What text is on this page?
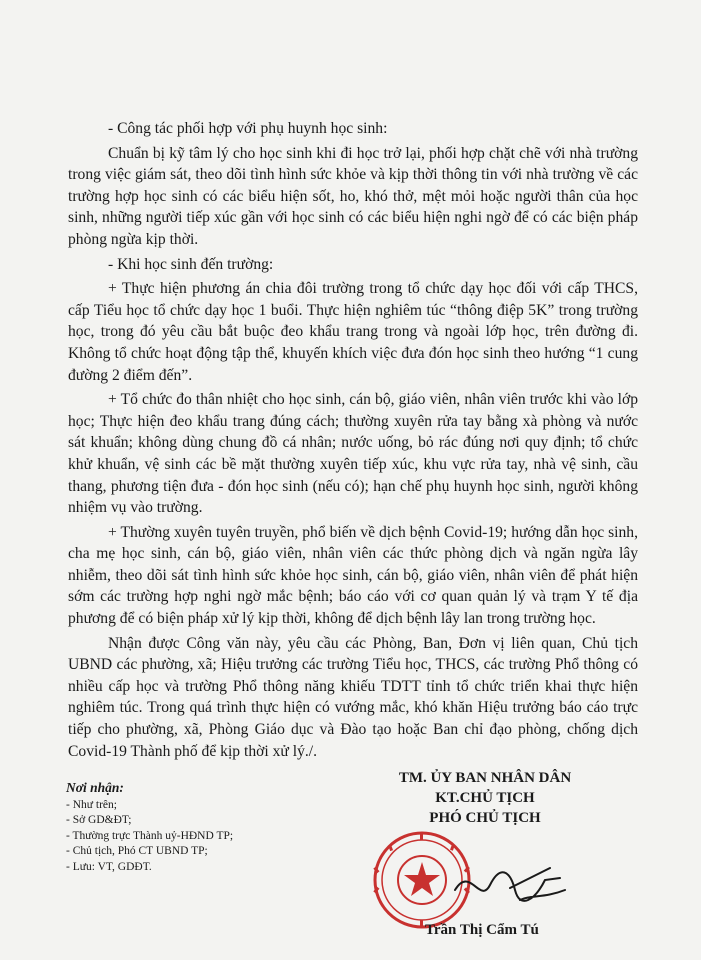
- Công tác phối hợp với phụ huynh học sinh:

Chuẩn bị kỹ tâm lý cho học sinh khi đi học trở lại, phối hợp chặt chẽ với nhà trường trong việc giám sát, theo dõi tình hình sức khỏe và kịp thời thông tin với nhà trường về các trường hợp học sinh có các biểu hiện sốt, ho, khó thở, mệt mỏi hoặc người thân của học sinh, những người tiếp xúc gần với học sinh có các biểu hiện nghi ngờ để có các biện pháp phòng ngừa kịp thời.

- Khi học sinh đến trường:

+ Thực hiện phương án chia đôi trường trong tổ chức dạy học đối với cấp THCS, cấp Tiểu học tổ chức dạy học 1 buổi. Thực hiện nghiêm túc “thông điệp 5K” trong trường học, trong đó yêu cầu bắt buộc đeo khẩu trang trong và ngoài lớp học, trên đường đi. Không tổ chức hoạt động tập thể, khuyến khích việc đưa đón học sinh theo hướng “1 cung đường 2 điểm đến”.

+ Tổ chức đo thân nhiệt cho học sinh, cán bộ, giáo viên, nhân viên trước khi vào lớp học; Thực hiện đeo khẩu trang đúng cách; thường xuyên rửa tay bằng xà phòng và nước sát khuẩn; không dùng chung đồ cá nhân; nước uống, bỏ rác đúng nơi quy định; tổ chức khử khuẩn, vệ sinh các bề mặt thường xuyên tiếp xúc, khu vực rửa tay, nhà vệ sinh, cầu thang, phương tiện đưa - đón học sinh (nếu có); hạn chế phụ huynh học sinh, người không nhiệm vụ vào trường.

+ Thường xuyên tuyên truyền, phổ biến về dịch bệnh Covid-19; hướng dẫn học sinh, cha mẹ học sinh, cán bộ, giáo viên, nhân viên các thức phòng dịch và ngăn ngừa lây nhiễm, theo dõi sát tình hình sức khỏe học sinh, cán bộ, giáo viên, nhân viên để phát hiện sớm các trường hợp nghi ngờ mắc bệnh; báo cáo với cơ quan quản lý và trạm Y tế địa phương để có biện pháp xử lý kịp thời, không để dịch bệnh lây lan trong trường học.

Nhận được Công văn này, yêu cầu các Phòng, Ban, Đơn vị liên quan, Chủ tịch UBND các phường, xã; Hiệu trưởng các trường Tiểu học, THCS, các trường Phổ thông có nhiều cấp học và trường Phổ thông năng khiếu TDTT tỉnh tổ chức triển khai thực hiện nghiêm túc. Trong quá trình thực hiện có vướng mắc, khó khăn Hiệu trưởng báo cáo trực tiếp cho phường, xã, Phòng Giáo dục và Đào tạo hoặc Ban chỉ đạo phòng, chống dịch Covid-19 Thành phố để kịp thời xử lý./.

Nơi nhận:
- Như trên;
- Sở GD&ĐT;
- Thường trực Thành uỷ-HĐND TP;
- Chủ tịch, Phó CT UBND TP;
- Lưu: VT, GDĐT.
TM. ỦY BAN NHÂN DÂN
KT.CHỦ TỊCH
PHÓ CHỦ TỊCH
Trần Thị Cẩm Tú
